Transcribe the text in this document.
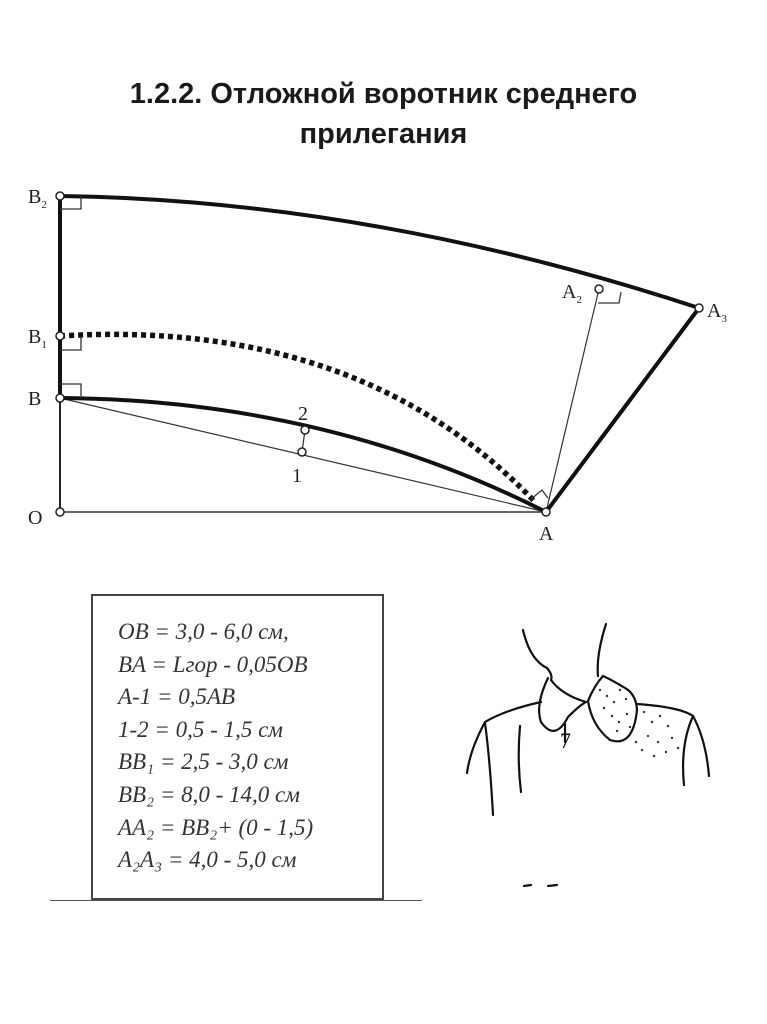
1.2.2. Отложной воротник среднего
прилегания
$B_2$
$B_1$
B
O
A
$A_2$	$A_3$
1
2
7
OB = 3,0 - 6,0 см,
BA = Lгор - 0,05OB
A-1 = 0,5AB
1-2 = 0,5 - 1,5 см
BB₁ = 2,5 - 3,0 см
BB₂ = 8,0 - 14,0 см
AA₂ = BB₂+ (0 - 1,5)
A₂A₃ = 4,0 - 5,0 см
